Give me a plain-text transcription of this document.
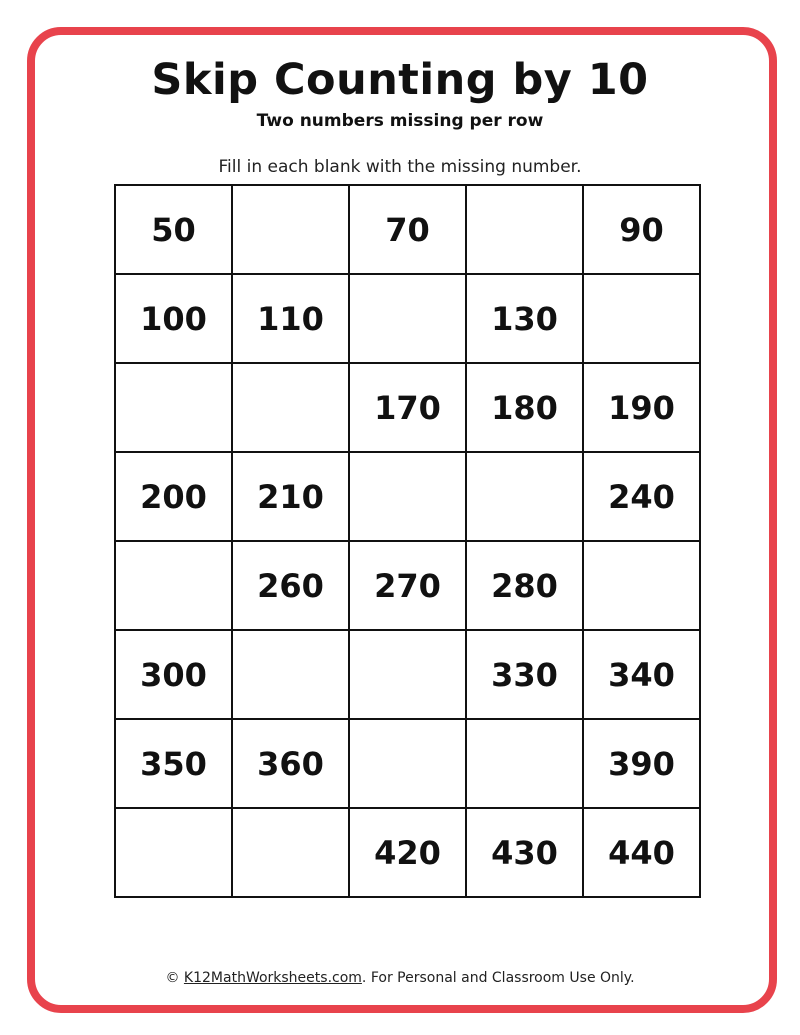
Skip Counting by 10
Two numbers missing per row
Fill in each blank with the missing number.
50		70		90
100	110		130	
		170	180	190
200	210			240
	260	270	280	
300			330	340
350	360			390
		420	430	440
© K12MathWorksheets.com. For Personal and Classroom Use Only.
